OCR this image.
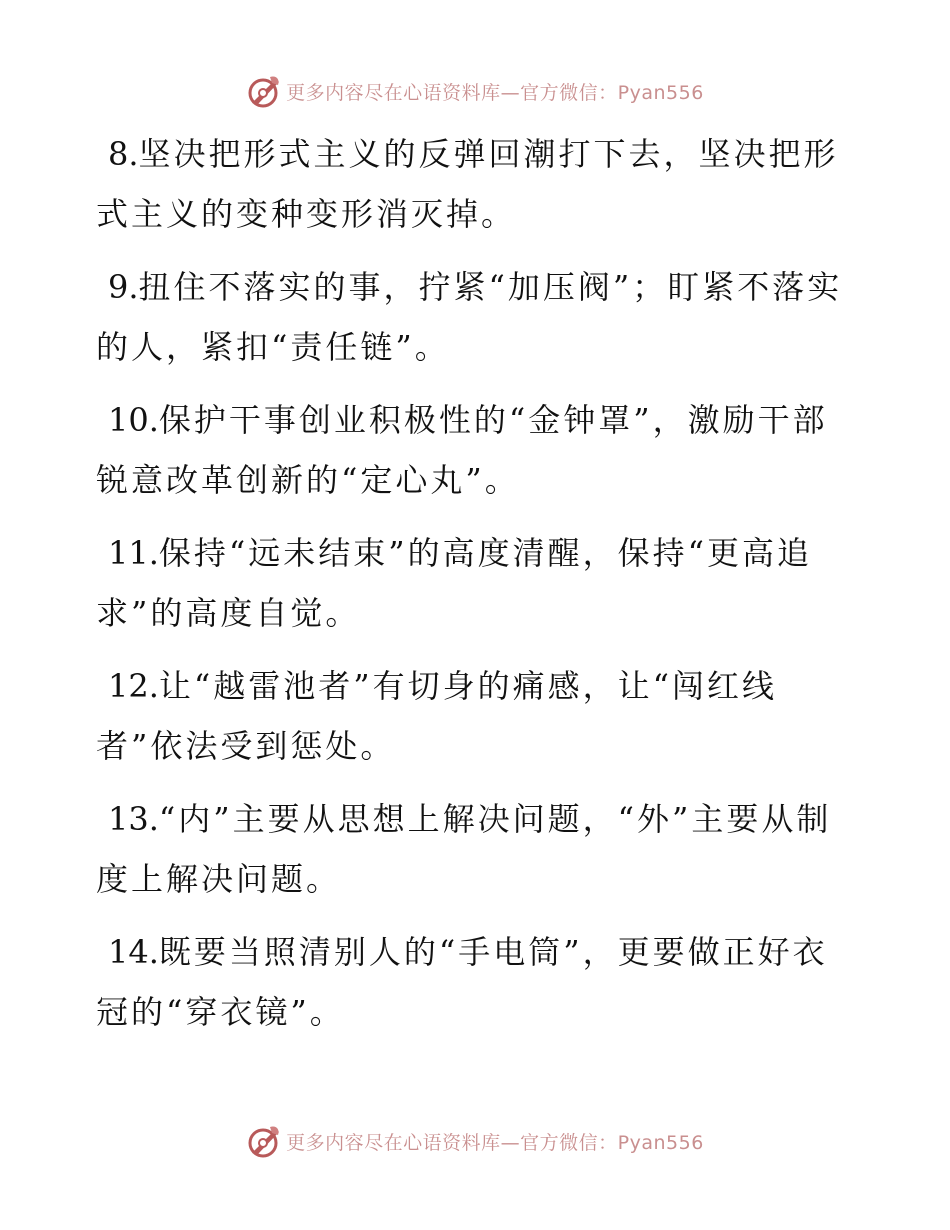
更多内容尽在心语资料库—官方微信：Pyan556

8.坚决把形式主义的反弹回潮打下去，坚决把形式主义的变种变形消灭掉。

9.扭住不落实的事，拧紧“加压阀”；盯紧不落实的人，紧扣“责任链”。

10.保护干事创业积极性的“金钟罩”，激励干部锐意改革创新的“定心丸”。

11.保持“远未结束”的高度清醒，保持“更高追求”的高度自觉。

12.让“越雷池者”有切身的痛感，让“闯红线者”依法受到惩处。

13.“内”主要从思想上解决问题，“外”主要从制度上解决问题。

14.既要当照清别人的“手电筒”，更要做正好衣冠的“穿衣镜”。

更多内容尽在心语资料库—官方微信：Pyan556
